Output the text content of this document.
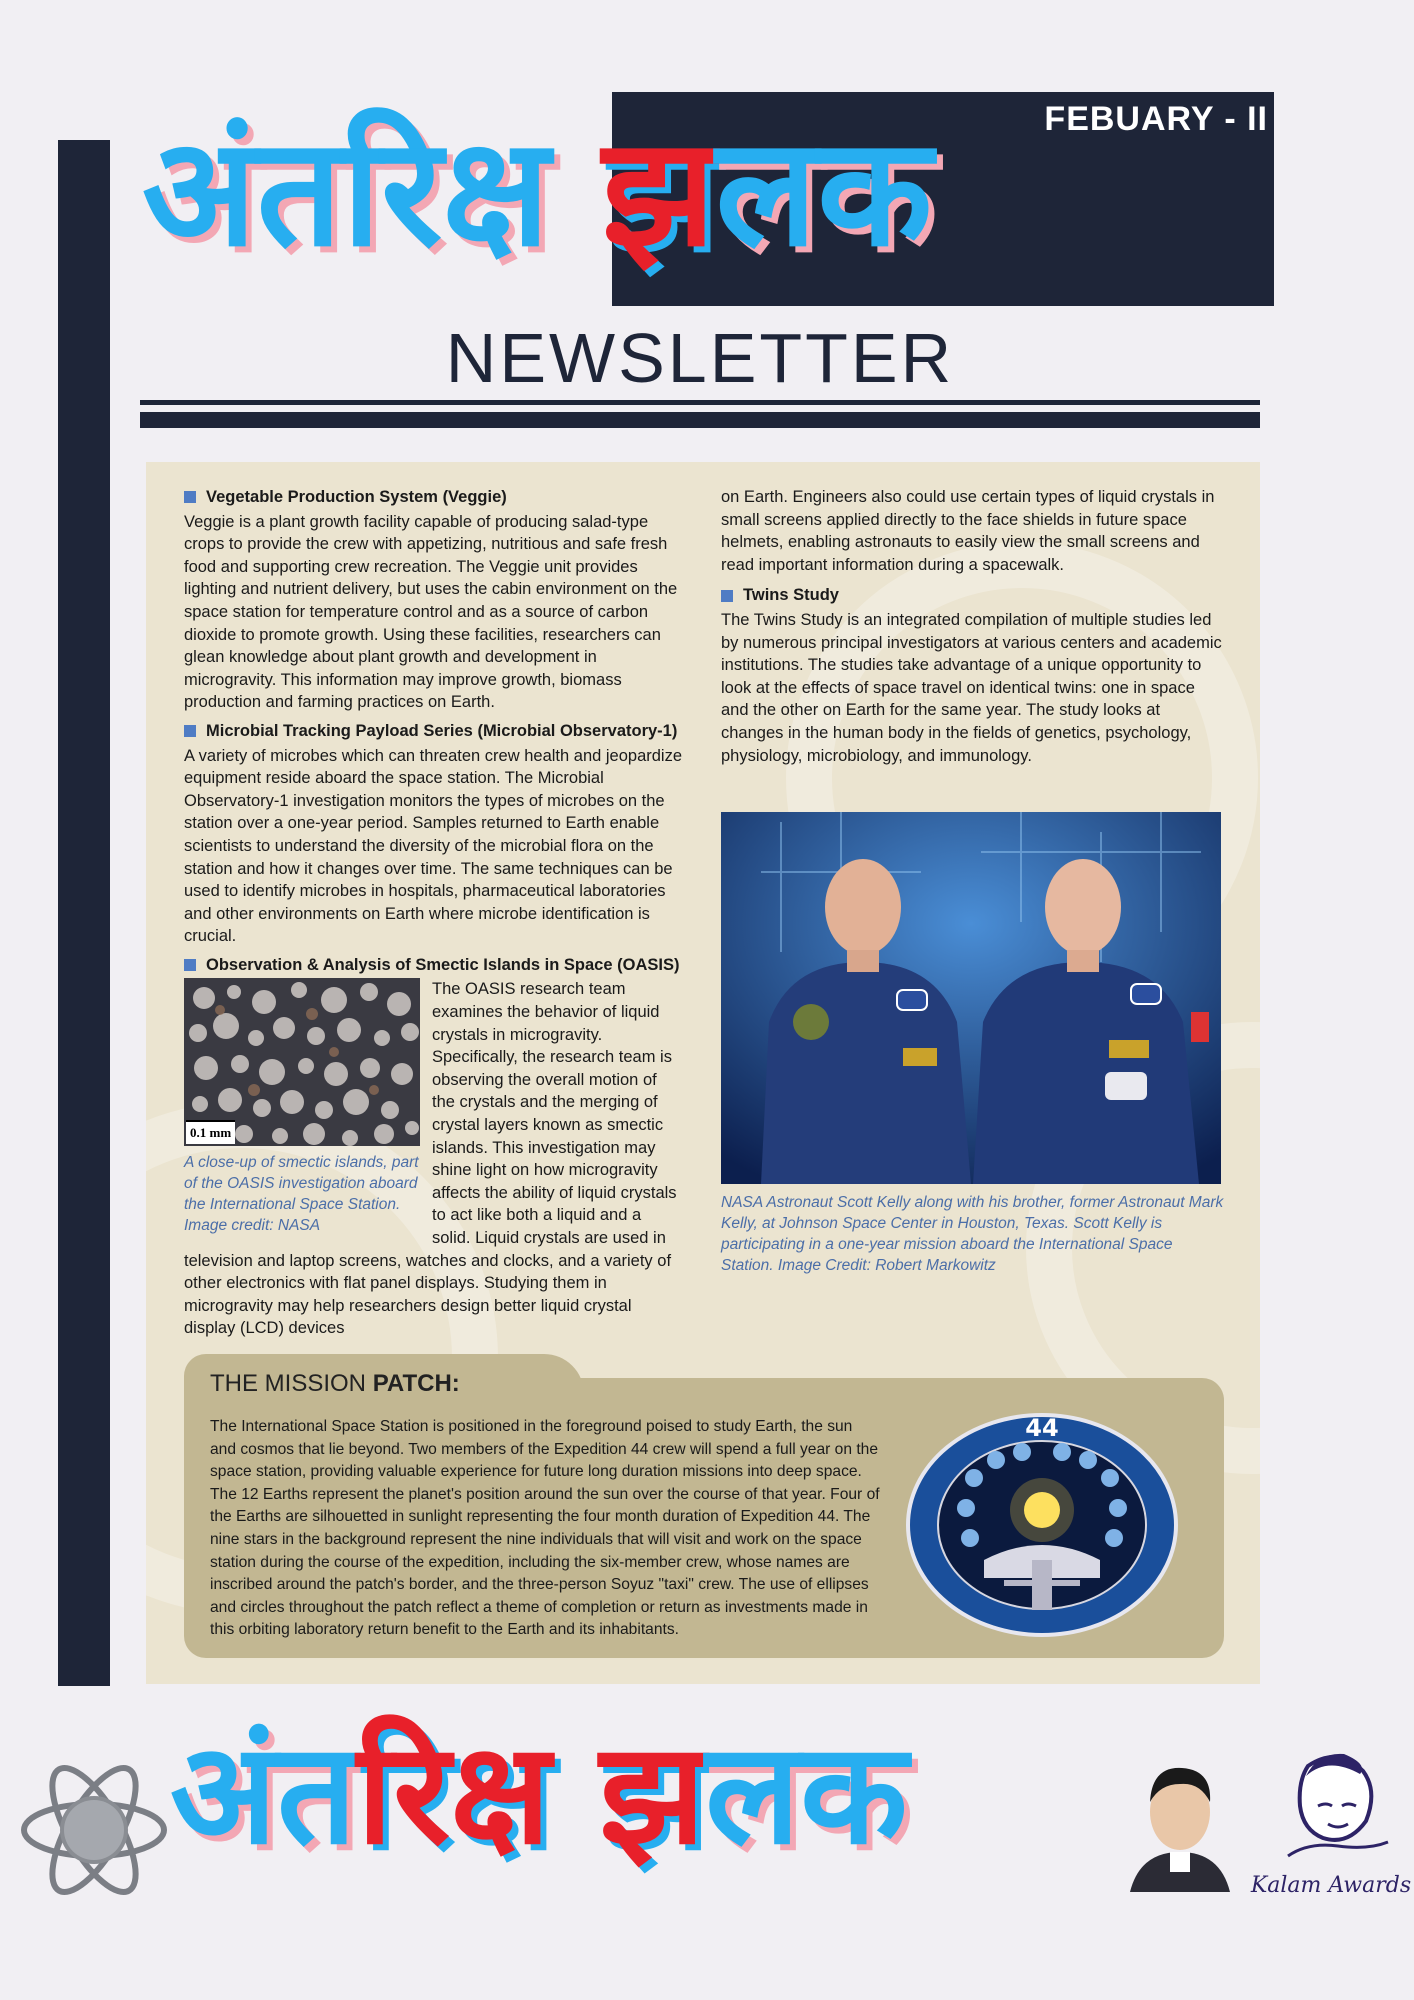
FEBUARY - II
अंतरिक्ष झलक
NEWSLETTER
Vegetable Production System (Veggie)

Veggie is a plant growth facility capable of producing salad-type crops to provide the crew with appetizing, nutritious and safe fresh food and supporting crew recreation. The Veggie unit provides lighting and nutrient delivery, but uses the cabin environment on the space station for temperature control and as a source of carbon dioxide to promote growth. Using these facilities, researchers can glean knowledge about plant growth and development in microgravity. This information may improve growth, biomass production and farming practices on Earth.

Microbial Tracking Payload Series (Microbial Observatory-1)

A variety of microbes which can threaten crew health and jeopardize equipment reside aboard the space station. The Microbial Observatory-1 investigation monitors the types of microbes on the station over a one-year period. Samples returned to Earth enable scientists to understand the diversity of the microbial flora on the station and how it changes over time. The same techniques can be used to identify microbes in hospitals, pharmaceutical laboratories and other environments on Earth where microbe identification is crucial.

Observation & Analysis of Smectic Islands in Space (OASIS)
0.1 mm
A close-up of smectic islands, part of the OASIS investigation aboard the International Space Station. Image credit: NASA

The OASIS research team examines the behavior of liquid crystals in microgravity. Specifically, the research team is observing the overall motion of the crystals and the merging of crystal layers known as smectic islands. This investigation may shine light on how microgravity affects the ability of liquid crystals to act like both a liquid and a solid. Liquid crystals are used in television and laptop screens, watches and clocks, and a variety of other electronics with flat panel displays. Studying them in microgravity may help researchers design better liquid crystal display (LCD) devices

on Earth. Engineers also could use certain types of liquid crystals in small screens applied directly to the face shields in future space helmets, enabling astronauts to easily view the small screens and read important information during a spacewalk.

Twins Study

The Twins Study is an integrated compilation of multiple studies led by numerous principal investigators at various centers and academic institutions. The studies take advantage of a unique opportunity to look at the effects of space travel on identical twins: one in space and the other on Earth for the same year. The study looks at changes in the human body in the fields of genetics, psychology, physiology, microbiology, and immunology.

NASA Astronaut Scott Kelly along with his brother, former Astronaut Mark Kelly, at Johnson Space Center in Houston, Texas. Scott Kelly is participating in a one-year mission aboard the International Space Station. Image Credit: Robert Markowitz
THE MISSION PATCH:
The International Space Station is positioned in the foreground poised to study Earth, the sun and cosmos that lie beyond. Two members of the Expedition 44 crew will spend a full year on the space station, providing valuable experience for future long duration missions into deep space. The 12 Earths represent the planet's position around the sun over the course of that year. Four of the Earths are silhouetted in sunlight representing the four month duration of Expedition 44. The nine stars in the background represent the nine individuals that will visit and work on the space station during the course of the expedition, including the six-member crew, whose names are inscribed around the patch's border, and the three-person Soyuz "taxi" crew. The use of ellipses and circles throughout the patch reflect a theme of completion or return as investments made in this orbiting laboratory return benefit to the Earth and its inhabitants.
44
अंतरिक्ष झलक
Kalam Awards
